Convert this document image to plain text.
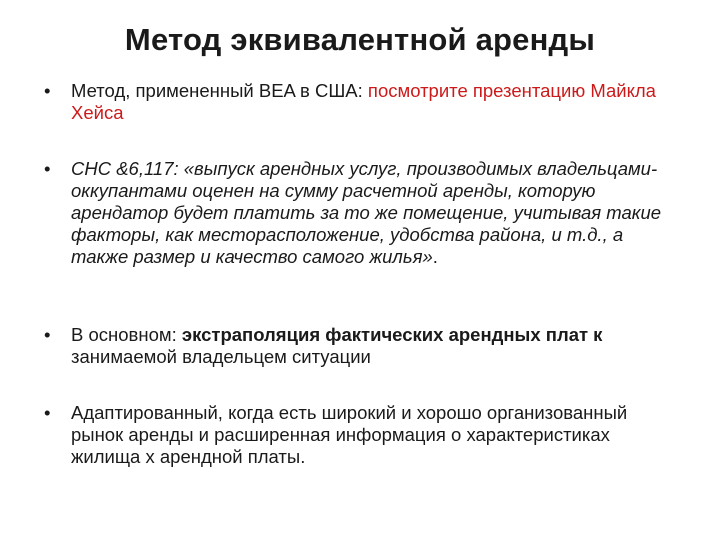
Метод эквивалентной аренды
•	Метод, примененный BEA в США: посмотрите презентацию Майкла Хейса
•	СНС &6,117: «выпуск арендных услуг, производимых владельцами- оккупантами оценен на сумму расчетной аренды, которую арендатор будет платить за то же помещение, учитывая такие факторы, как месторасположение, удобства района, и т.д., а также размер и качество самого жилья».
•	В основном: экстраполяция фактических арендных плат к занимаемой владельцем ситуации
•	Адаптированный, когда есть широкий и хорошо организованный рынок аренды и расширенная информация о характеристиках жилища х арендной платы.
